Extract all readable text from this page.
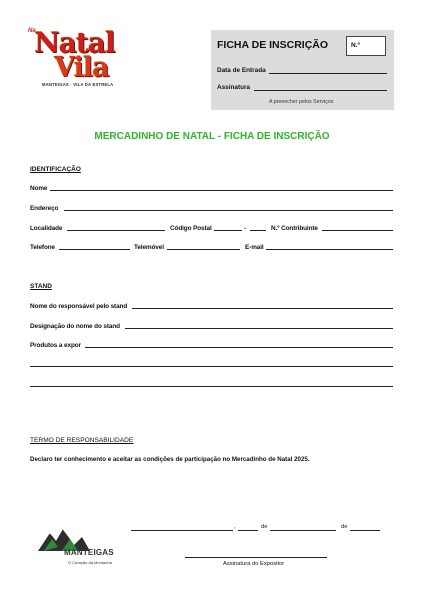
Na
Natal
Vila
MANTEIGAS · VILA DA ESTRELA
FICHA DE INSCRIÇÃO	N.º
Data de Entrada
Assinatura
A preencher pelos Serviços
MERCADINHO DE NATAL - FICHA DE INSCRIÇÃO
IDENTIFICAÇÃO
Nome
Endereço
Localidade	Código Postal	-	N.º Contribuinte
Telefone	Telemóvel	E-mail
STAND
Nome do responsável pelo stand
Designação do nome do stand
Produtos a expor
TERMO DE RESPONSABILIDADE
Declaro ter conhecimento e aceitar as condições de participação no Mercadinho de Natal 2025.
,	de	de
Assinatura do Expositor
MANTEIGAS
O Coração da Montanha
